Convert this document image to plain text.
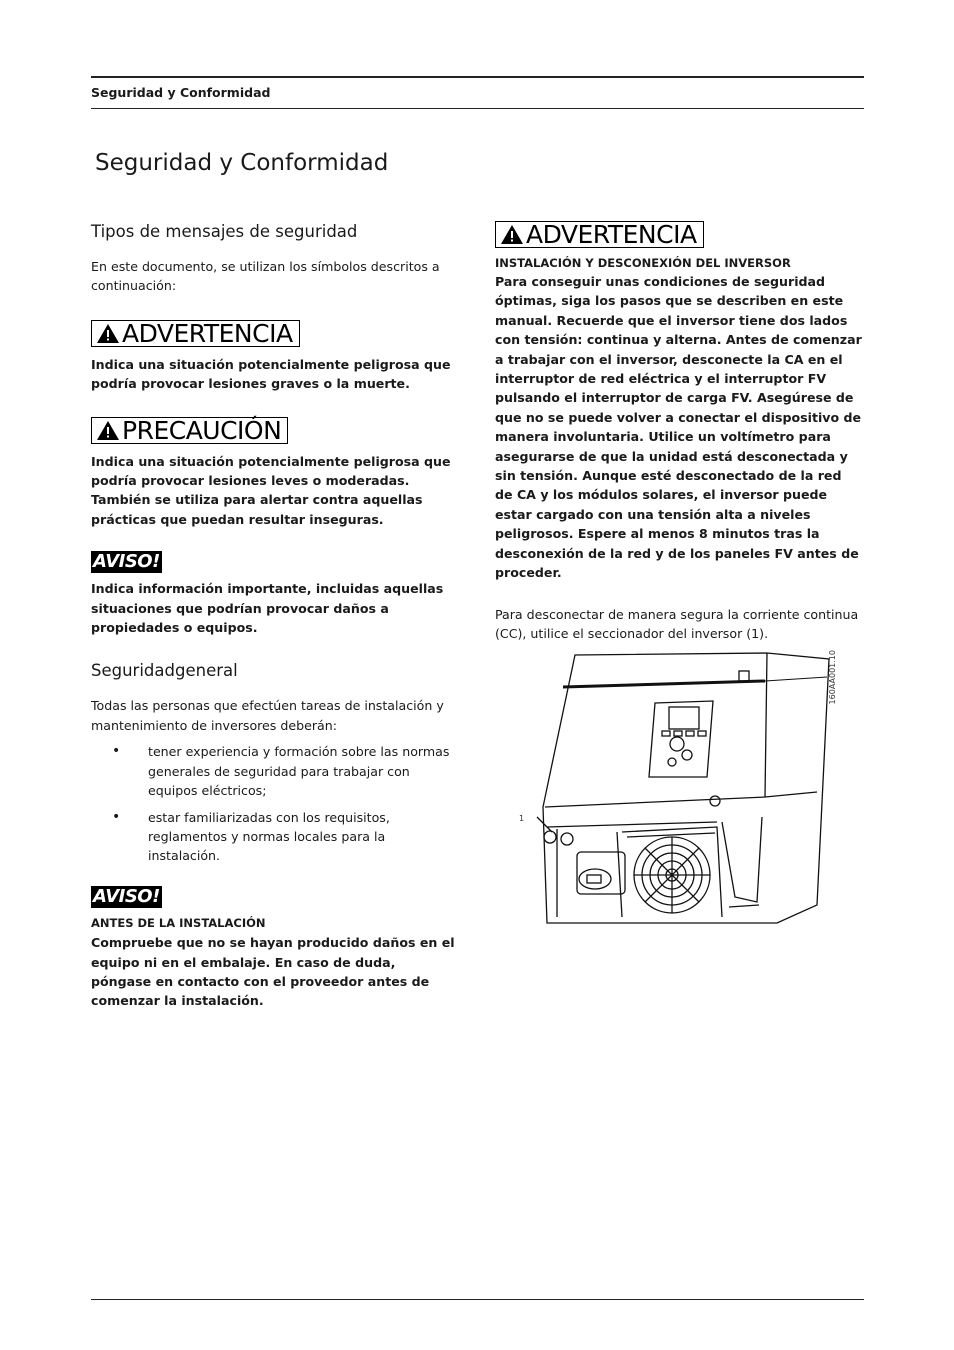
Seguridad y Conformidad
Seguridad y Conformidad
Tipos de mensajes de seguridad

En este documento, se utilizan los símbolos descritos a continuación:

ADVERTENCIA

Indica una situación potencialmente peligrosa que podría provocar lesiones graves o la muerte.

PRECAUCIÓN

Indica una situación potencialmente peligrosa que podría provocar lesiones leves o moderadas. También se utiliza para alertar contra aquellas prácticas que puedan resultar inseguras.

AVISO!

Indica información importante, incluidas aquellas situaciones que podrían provocar daños a propiedades o equipos.

Seguridadgeneral

Todas las personas que efectúen tareas de instalación y mantenimiento de inversores deberán:

• tener experiencia y formación sobre las normas generales de seguridad para trabajar con equipos eléctricos;
• estar familiarizadas con los requisitos, reglamentos y normas locales para la instalación.
AVISO!

ANTES DE LA INSTALACIÓN

Compruebe que no se hayan producido daños en el equipo ni en el embalaje. En caso de duda, póngase en contacto con el proveedor antes de comenzar la instalación.

ADVERTENCIA

INSTALACIÓN Y DESCONEXIÓN DEL INVERSOR

Para conseguir unas condiciones de seguridad óptimas, siga los pasos que se describen en este manual. Recuerde que el inversor tiene dos lados con tensión: continua y alterna. Antes de comenzar a trabajar con el inversor, desconecte la CA en el interruptor de red eléctrica y el interruptor FV pulsando el interruptor de carga FV. Asegúrese de que no se puede volver a conectar el dispositivo de manera involuntaria. Utilice un voltímetro para asegurarse de que la unidad está desconectada y sin tensión. Aunque esté desconectado de la red de CA y los módulos solares, el inversor puede estar cargado con una tensión alta a niveles peligrosos. Espere al menos 8 minutos tras la desconexión de la red y de los paneles FV antes de proceder.

Para desconectar de manera segura la corriente continua (CC), utilice el seccionador del inversor (1).

1
160AA001.10
